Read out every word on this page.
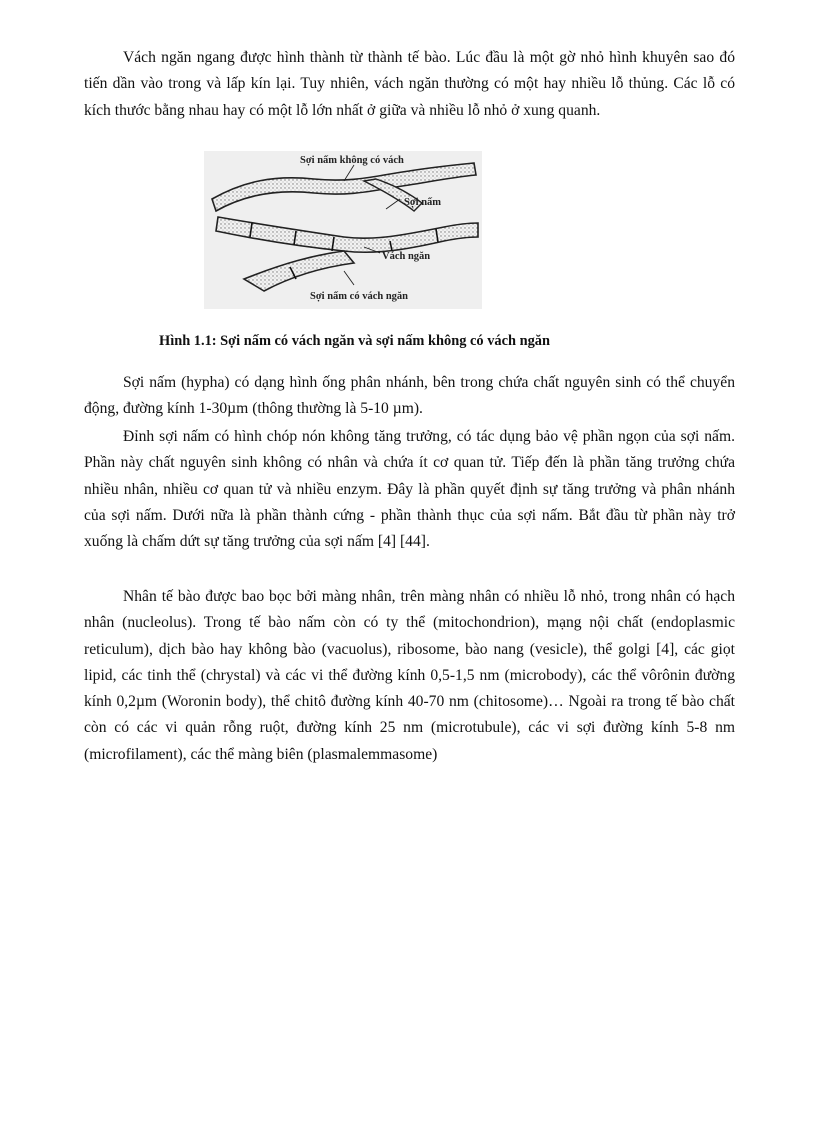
Vách ngăn ngang được hình thành từ thành tế bào. Lúc đầu là một gờ nhỏ hình khuyên sao đó tiến dần vào trong và lấp kín lại. Tuy nhiên, vách ngăn thường có một hay nhiều lỗ thủng. Các lỗ có kích thước bằng nhau hay có một lỗ lớn nhất ở giữa và nhiều lỗ nhỏ ở xung quanh.

Sợi nấm không có vách
Sợi nấm
Vách ngăn
Sợi nấm có vách ngăn
Hình 1.1: Sợi nấm có vách ngăn và sợi nấm không có vách ngăn

Sợi nấm (hypha) có dạng hình ống phân nhánh, bên trong chứa chất nguyên sinh có thể chuyển động, đường kính 1-30µm (thông thường là 5-10 µm).

Đỉnh sợi nấm có hình chóp nón không tăng trưởng, có tác dụng bảo vệ phần ngọn của sợi nấm. Phần này chất nguyên sinh không có nhân và chứa ít cơ quan tử. Tiếp đến là phần tăng trưởng chứa nhiều nhân, nhiều cơ quan tử và nhiều enzym. Đây là phần quyết định sự tăng trưởng và phân nhánh của sợi nấm. Dưới nữa là phần thành cứng - phần thành thục của sợi nấm. Bắt đầu từ phần này trở xuống là chấm dứt sự tăng trưởng của sợi nấm [4] [44].

Nhân tế bào được bao bọc bởi màng nhân, trên màng nhân có nhiều lỗ nhỏ, trong nhân có hạch nhân (nucleolus). Trong tế bào nấm còn có ty thể (mitochondrion), mạng nội chất (endoplasmic reticulum), dịch bào hay không bào (vacuolus), ribosome, bào nang (vesicle), thể golgi [4], các giọt lipid, các tinh thể (chrystal) và các vi thể đường kính 0,5-1,5 nm (microbody), các thể vôrônin đường kính 0,2µm (Woronin body), thể chitô đường kính 40-70 nm (chitosome)… Ngoài ra trong tế bào chất còn có các vi quản rỗng ruột, đường kính 25 nm (microtubule), các vi sợi đường kính 5-8 nm (microfilament), các thể màng biên (plasmalemmasome)
